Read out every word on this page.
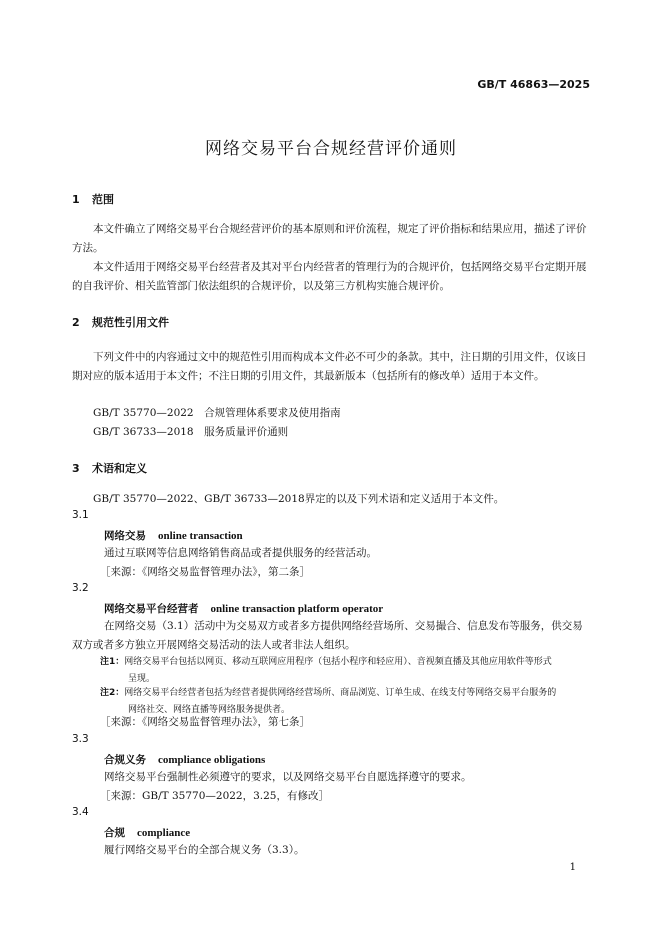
GB/T 46863—2025
网络交易平台合规经营评价通则
1 范围
本文件确立了网络交易平台合规经营评价的基本原则和评价流程，规定了评价指标和结果应用，描述了评价方法。
本文件适用于网络交易平台经营者及其对平台内经营者的管理行为的合规评价，包括网络交易平台定期开展的自我评价、相关监管部门依法组织的合规评价，以及第三方机构实施合规评价。
2 规范性引用文件
下列文件中的内容通过文中的规范性引用而构成本文件必不可少的条款。其中，注日期的引用文件，仅该日期对应的版本适用于本文件；不注日期的引用文件，其最新版本（包括所有的修改单）适用于本文件。
GB/T 35770—2022　合规管理体系要求及使用指南
GB/T 36733—2018　服务质量评价通则
3 术语和定义
GB/T 35770—2022、GB/T 36733—2018界定的以及下列术语和定义适用于本文件。
3.1
网络交易 online transaction
通过互联网等信息网络销售商品或者提供服务的经营活动。
［来源：《网络交易监督管理办法》，第二条］
3.2
网络交易平台经营者 online transaction platform operator
在网络交易（3.1）活动中为交易双方或者多方提供网络经营场所、交易撮合、信息发布等服务，供交易双方或者多方独立开展网络交易活动的法人或者非法人组织。
注1：网络交易平台包括以网页、移动互联网应用程序（包括小程序和轻应用）、音视频直播及其他应用软件等形式
呈现。
注2：网络交易平台经营者包括为经营者提供网络经营场所、商品浏览、订单生成、在线支付等网络交易平台服务的
网络社交、网络直播等网络服务提供者。
［来源：《网络交易监督管理办法》，第七条］
3.3
合规义务 compliance obligations
网络交易平台强制性必须遵守的要求，以及网络交易平台自愿选择遵守的要求。
［来源：GB/T 35770—2022，3.25，有修改］
3.4
合规 compliance
履行网络交易平台的全部合规义务（3.3）。
1
